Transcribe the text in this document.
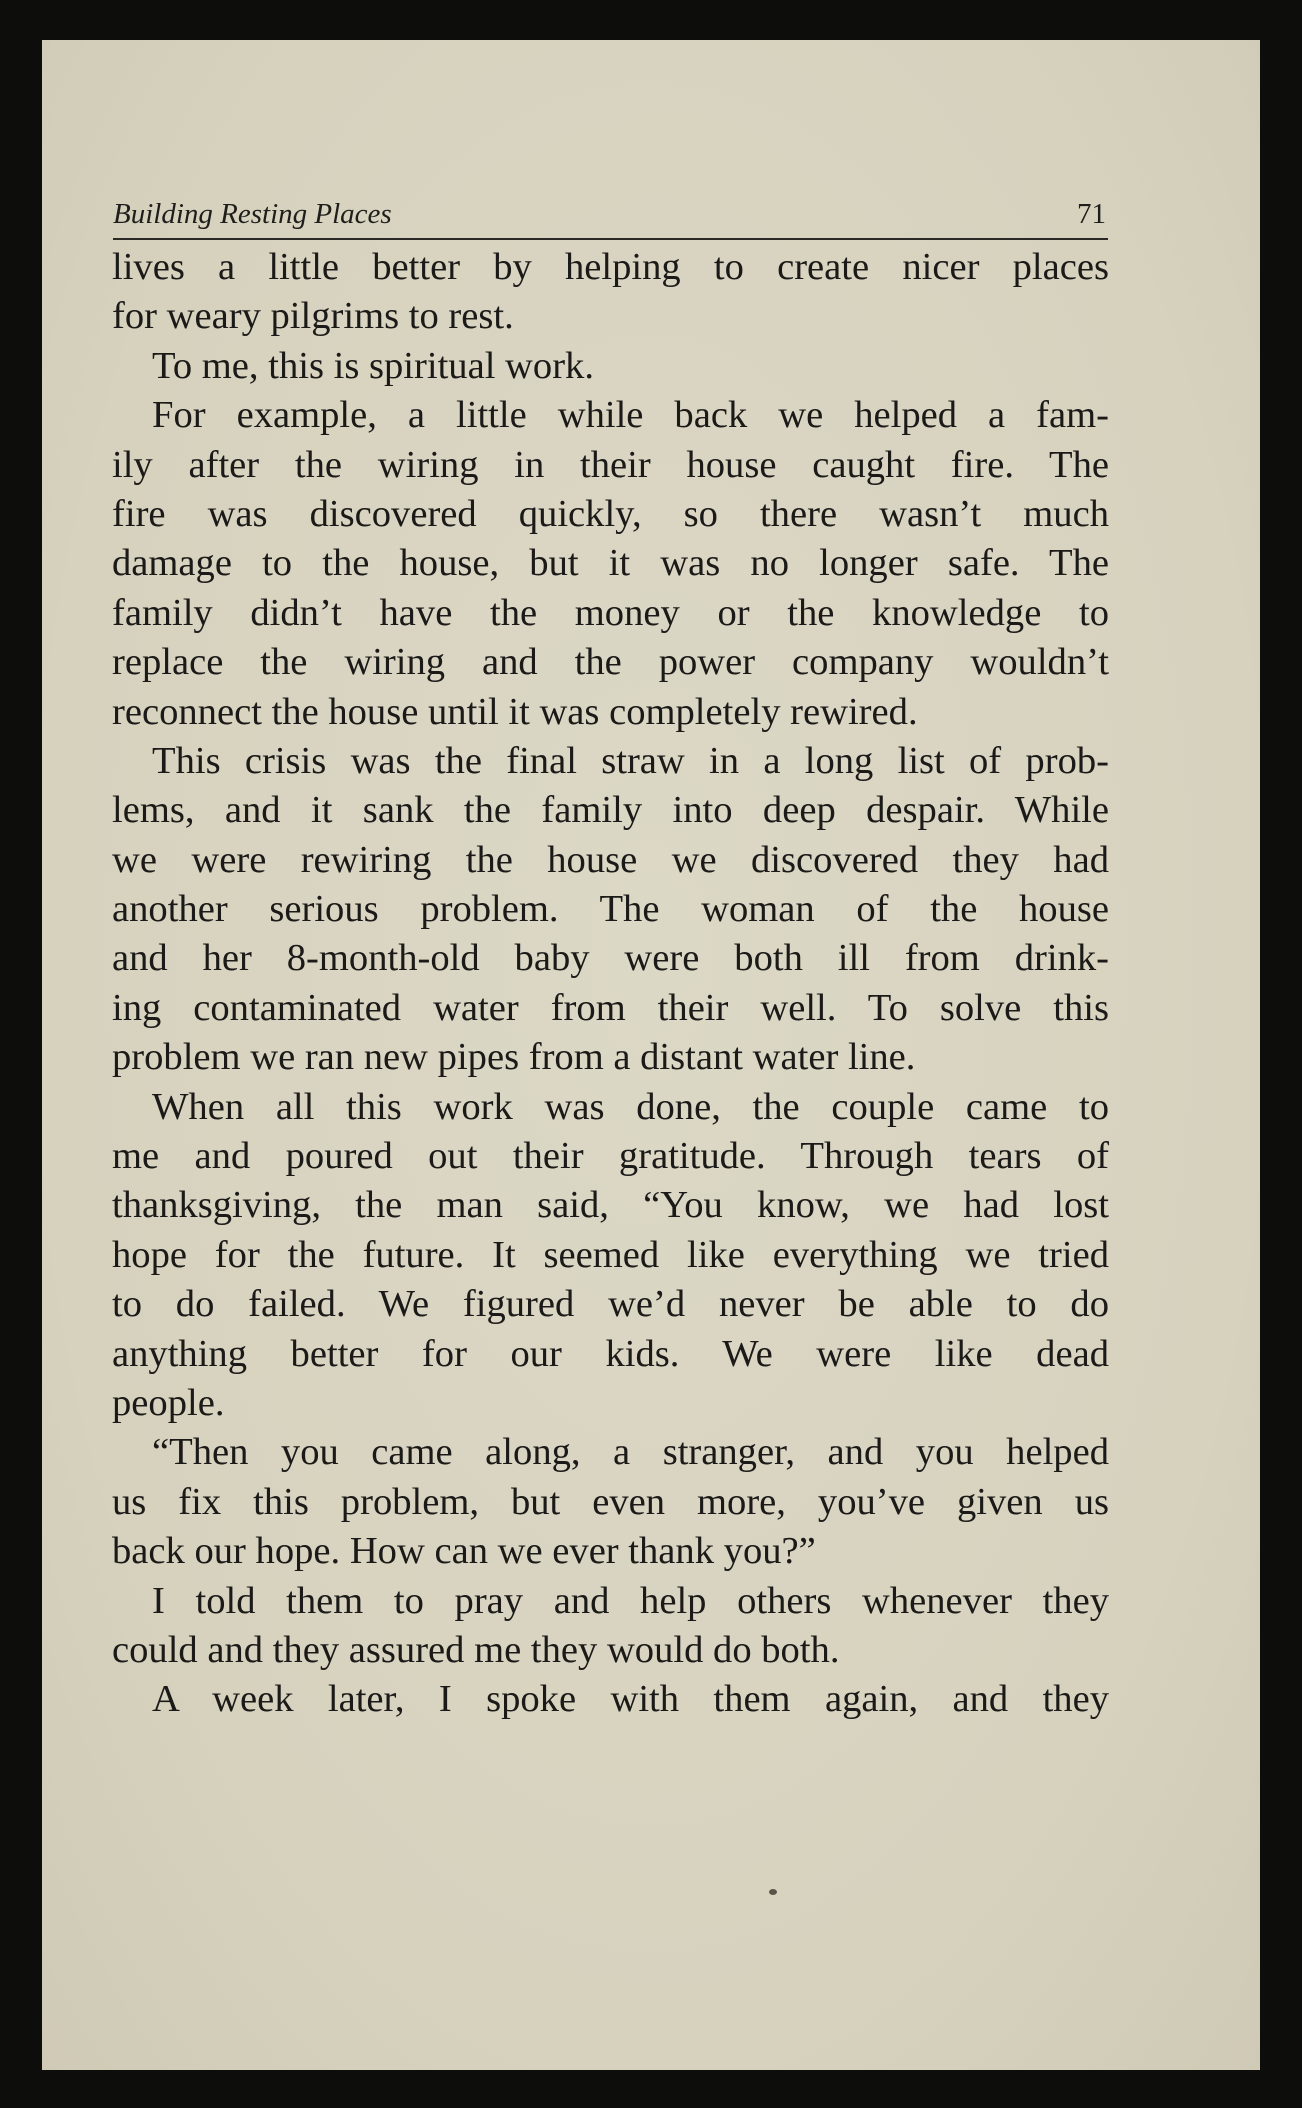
Building Resting Places	71
lives a little better by helping to create nicer places
for weary pilgrims to rest.
To me, this is spiritual work.
For example, a little while back we helped a fam-
ily after the wiring in their house caught fire. The
fire was discovered quickly, so there wasn’t much
damage to the house, but it was no longer safe. The
family didn’t have the money or the knowledge to
replace the wiring and the power company wouldn’t
reconnect the house until it was completely rewired.
This crisis was the final straw in a long list of prob-
lems, and it sank the family into deep despair. While
we were rewiring the house we discovered they had
another serious problem. The woman of the house
and her 8-month-old baby were both ill from drink-
ing contaminated water from their well. To solve this
problem we ran new pipes from a distant water line.
When all this work was done, the couple came to
me and poured out their gratitude. Through tears of
thanksgiving, the man said, “You know, we had lost
hope for the future. It seemed like everything we tried
to do failed. We figured we’d never be able to do
anything better for our kids. We were like dead
people.
“Then you came along, a stranger, and you helped
us fix this problem, but even more, you’ve given us
back our hope. How can we ever thank you?”
I told them to pray and help others whenever they
could and they assured me they would do both.
A week later, I spoke with them again, and they
